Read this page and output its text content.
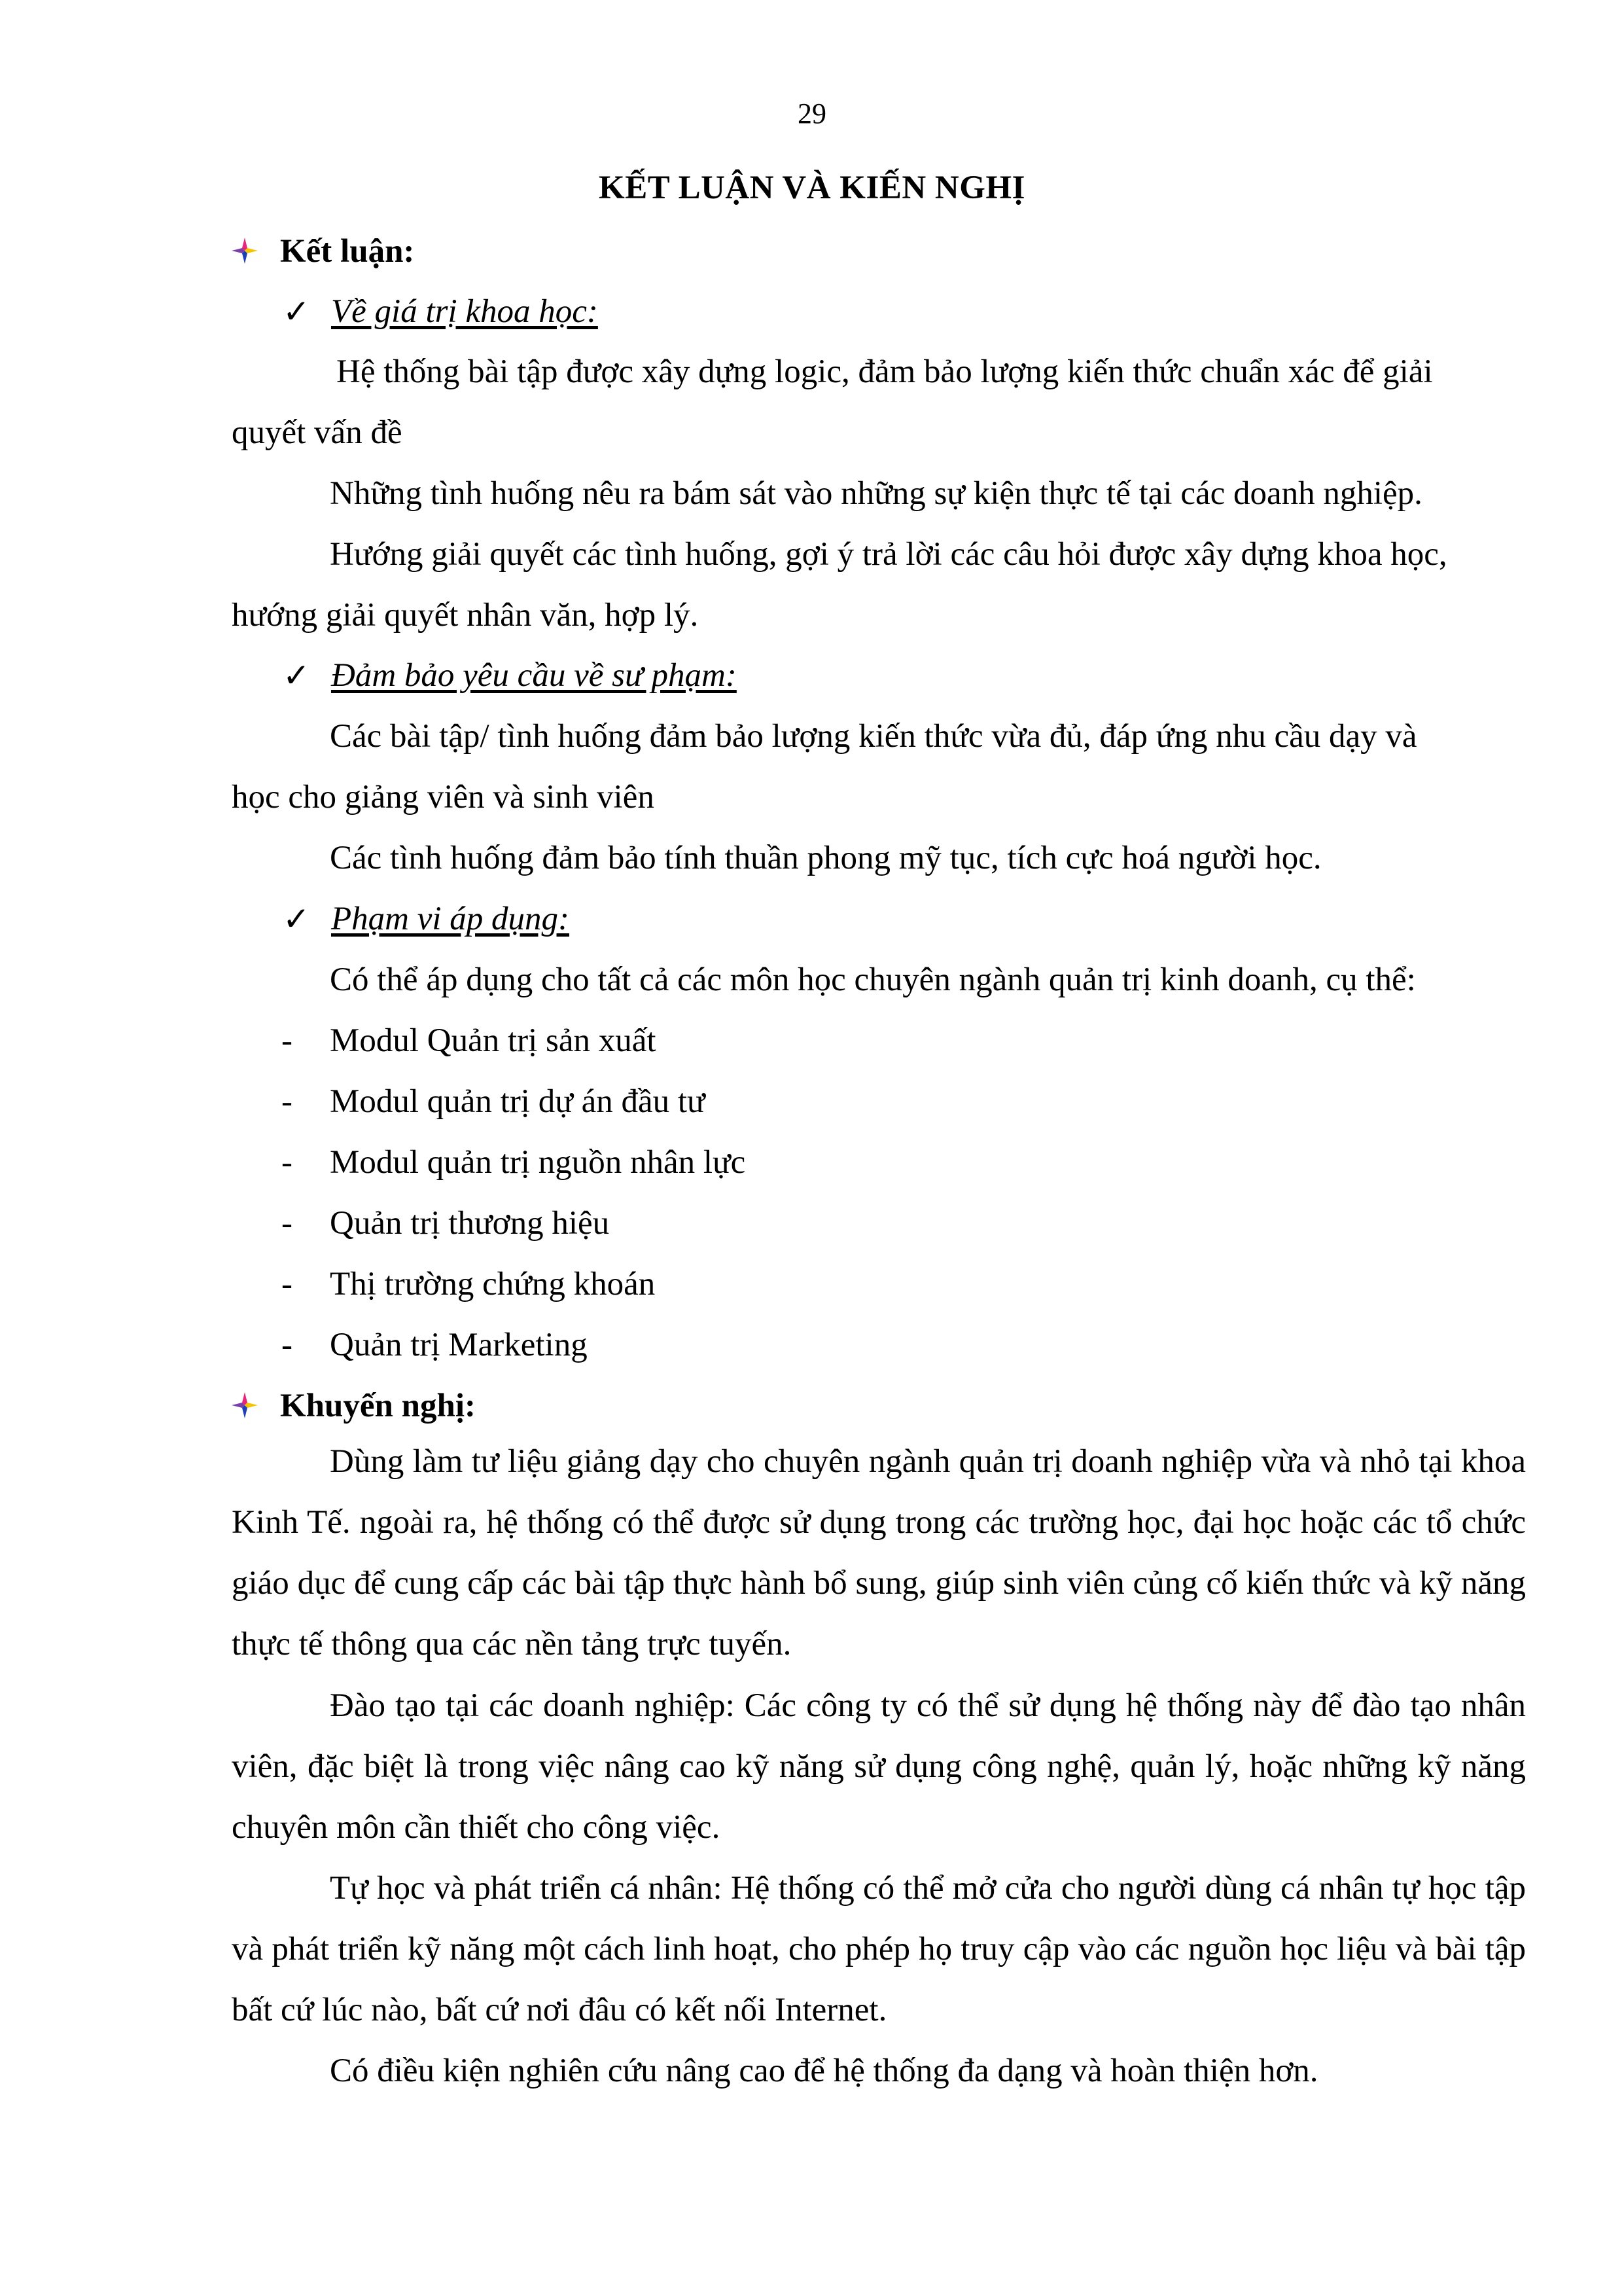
29
KẾT LUẬN VÀ KIẾN NGHỊ
Kết luận:
✓ Về giá trị khoa học:
Hệ thống bài tập được xây dựng logic, đảm bảo lượng kiến thức chuẩn xác để giải
quyết vấn đề
Những tình huống nêu ra bám sát vào những sự kiện thực tế tại các doanh nghiệp.
Hướng giải quyết các tình huống, gợi ý trả lời các câu hỏi được xây dựng khoa học,
hướng giải quyết nhân văn, hợp lý.
✓ Đảm bảo yêu cầu về sư phạm:
Các bài tập/ tình huống đảm bảo lượng kiến thức vừa đủ, đáp ứng nhu cầu dạy và
học cho giảng viên và sinh viên
Các tình huống đảm bảo tính thuần phong mỹ tục, tích cực hoá người học.
✓ Phạm vi áp dụng:
Có thể áp dụng cho tất cả các môn học chuyên ngành quản trị kinh doanh, cụ thể:
- Modul Quản trị sản xuất
- Modul quản trị dự án đầu tư
- Modul quản trị nguồn nhân lực
- Quản trị thương hiệu
- Thị trường chứng khoán
- Quản trị Marketing
Khuyến nghị:

Dùng làm tư liệu giảng dạy cho chuyên ngành quản trị doanh nghiệp vừa và nhỏ tại khoa Kinh Tế. ngoài ra, hệ thống có thể được sử dụng trong các trường học, đại học hoặc các tổ chức giáo dục để cung cấp các bài tập thực hành bổ sung, giúp sinh viên củng cố kiến thức và kỹ năng thực tế thông qua các nền tảng trực tuyến.

Đào tạo tại các doanh nghiệp: Các công ty có thể sử dụng hệ thống này để đào tạo nhân viên, đặc biệt là trong việc nâng cao kỹ năng sử dụng công nghệ, quản lý, hoặc những kỹ năng chuyên môn cần thiết cho công việc.

Tự học và phát triển cá nhân: Hệ thống có thể mở cửa cho người dùng cá nhân tự học tập và phát triển kỹ năng một cách linh hoạt, cho phép họ truy cập vào các nguồn học liệu và bài tập bất cứ lúc nào, bất cứ nơi đâu có kết nối Internet.

Có điều kiện nghiên cứu nâng cao để hệ thống đa dạng và hoàn thiện hơn.
